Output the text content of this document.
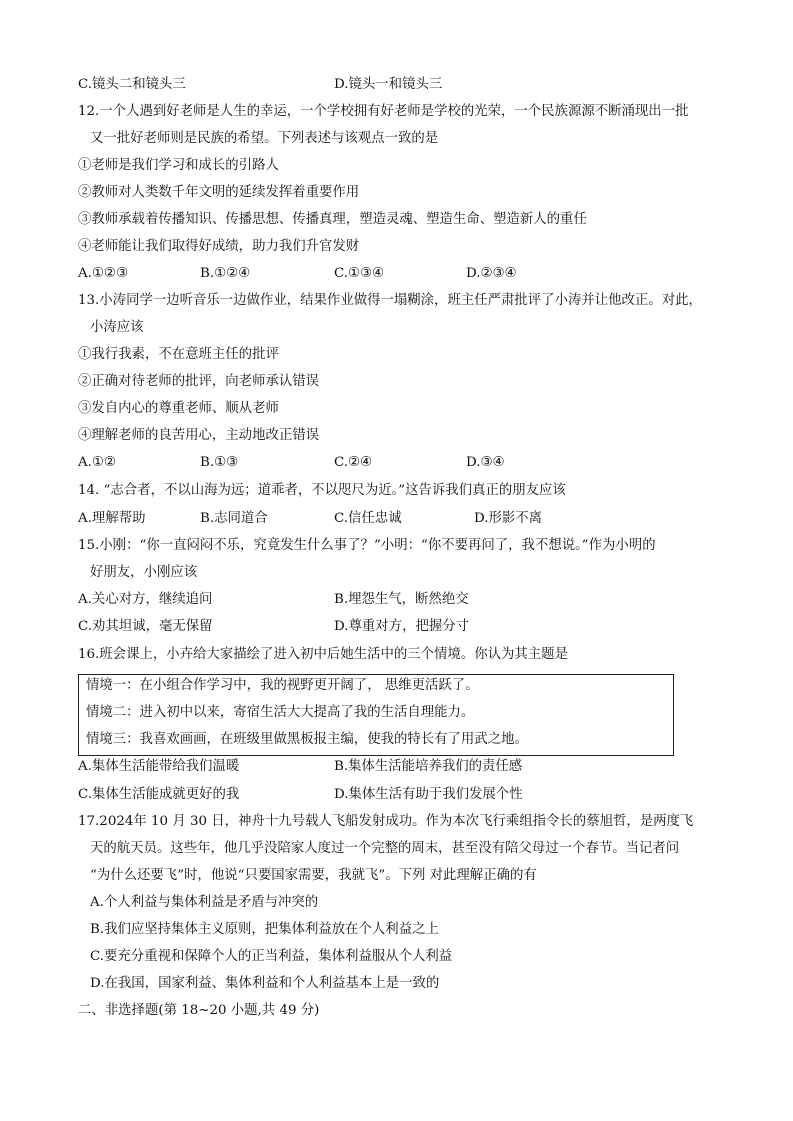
C.镜头二和镜头三	D.镜头一和镜头三
12.一个人遇到好老师是人生的幸运，一个学校拥有好老师是学校的光荣，一个民族源源不断涌现出一批
又一批好老师则是民族的希望。下列表述与该观点一致的是
①老师是我们学习和成长的引路人
②教师对人类数千年文明的延续发挥着重要作用
③教师承载着传播知识、传播思想、传播真理，塑造灵魂、塑造生命、塑造新人的重任
④老师能让我们取得好成绩，助力我们升官发财
A.①②③	B.①②④	C.①③④	D.②③④
13.小涛同学一边听音乐一边做作业，结果作业做得一塌糊涂，班主任严肃批评了小涛并让他改正。对此，
小涛应该
①我行我素，不在意班主任的批评
②正确对待老师的批评，向老师承认错误
③发自内心的尊重老师、顺从老师
④理解老师的良苦用心，主动地改正错误
A.①②	B.①③	C.②④	D.③④
14. “志合者，不以山海为远；道乖者，不以咫尺为近。”这告诉我们真正的朋友应该
A.理解帮助	B.志同道合	C.信任忠诚	D.形影不离
15.小刚：“你一直闷闷不乐，究竟发生什么事了？”小明：“你不要再问了，我不想说。”作为小明的
好朋友，小刚应该
A.关心对方，继续追问	B.埋怨生气，断然绝交
C.劝其坦诚，毫无保留	D.尊重对方，把握分寸
16.班会课上，小卉给大家描绘了进入初中后她生活中的三个情境。你认为其主题是
情境一：在小组合作学习中，我的视野更开阔了， 思维更活跃了。
情境二：进入初中以来，寄宿生活大大提高了我的生活自理能力。
情境三：我喜欢画画，在班级里做黑板报主编，使我的特长有了用武之地。
A.集体生活能带给我们温暖	B.集体生活能培养我们的责任感
C.集体生活能成就更好的我	D.集体生活有助于我们发展个性
17.2024年 10 月 30 日，神舟十九号载人飞船发射成功。作为本次飞行乘组指令长的蔡旭哲，是两度飞
天的航天员。这些年，他几乎没陪家人度过一个完整的周末，甚至没有陪父母过一个春节。当记者问
“为什么还要飞”时，他说“只要国家需要，我就飞”。下列 对此理解正确的有
A.个人利益与集体利益是矛盾与冲突的
B.我们应坚持集体主义原则，把集体利益放在个人利益之上
C.要充分重视和保障个人的正当利益，集体利益服从个人利益
D.在我国，国家利益、集体利益和个人利益基本上是一致的
二、非选择题(第 18~20 小题,共 49 分)
